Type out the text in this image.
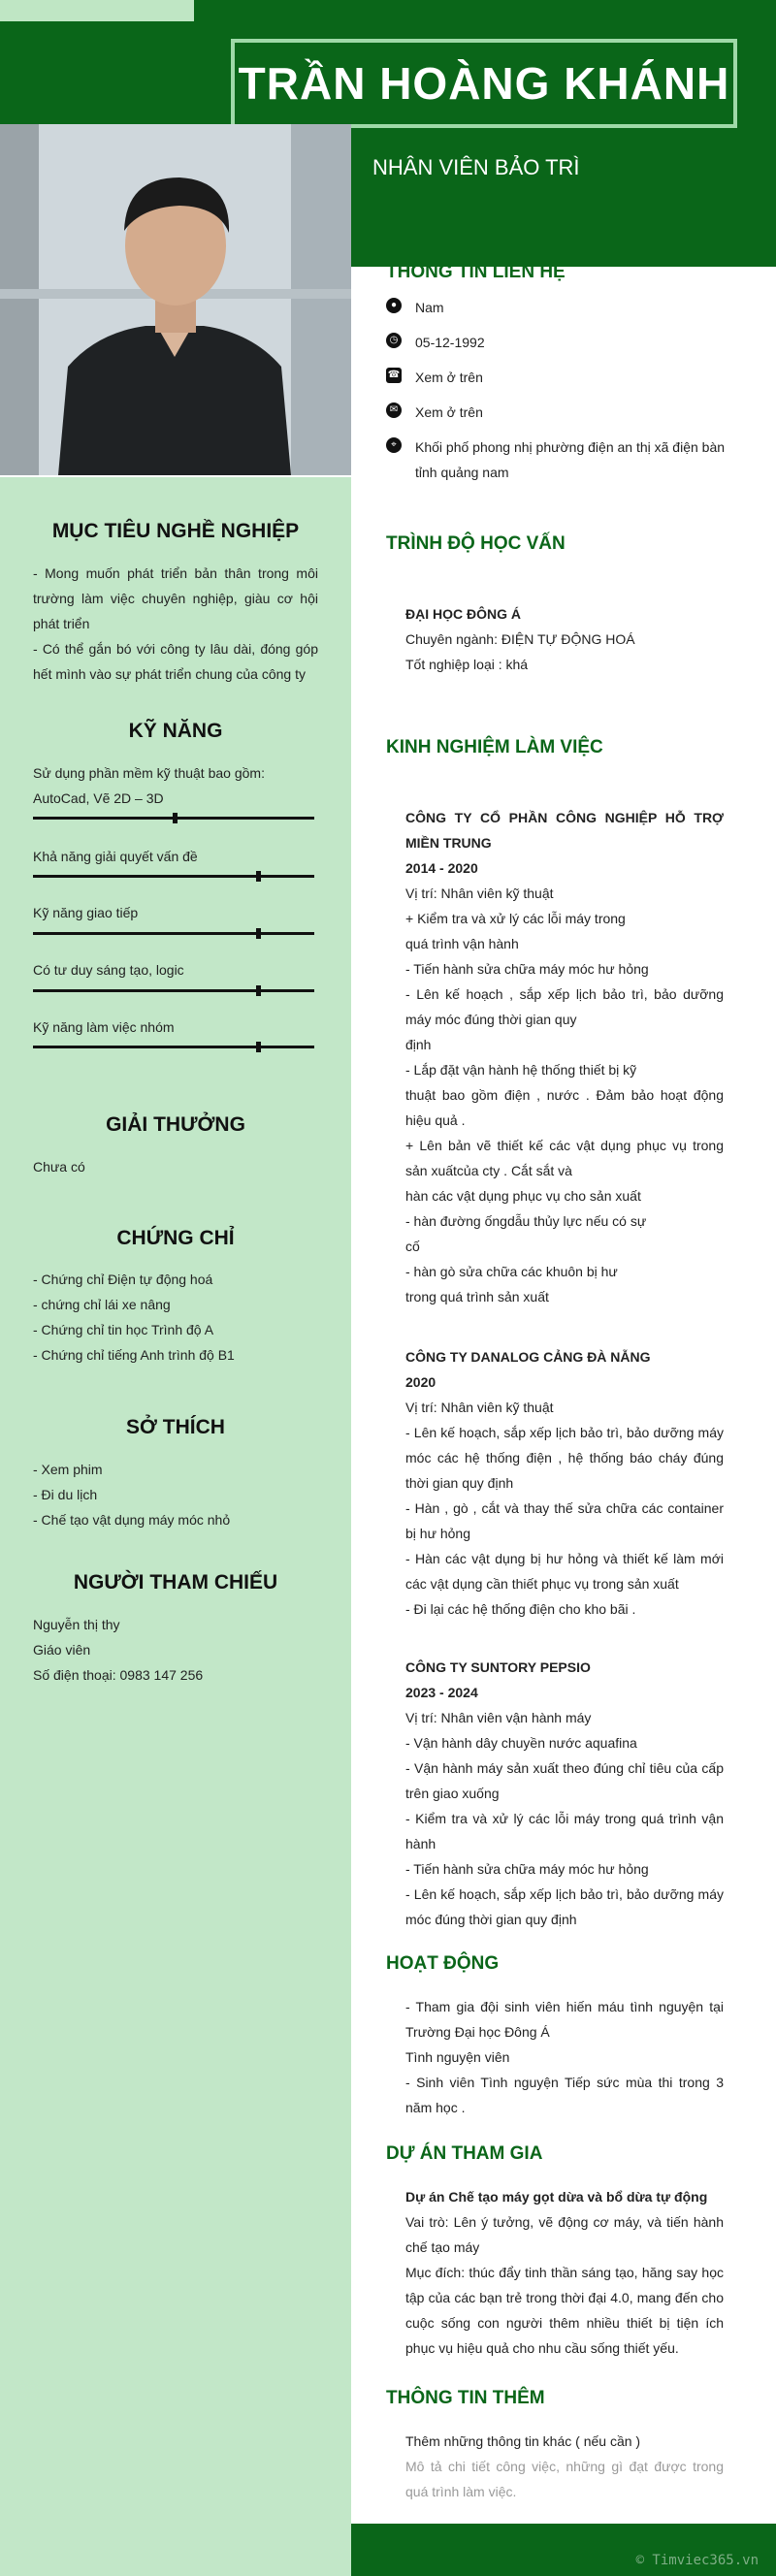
TRẦN HOÀNG KHÁNH
NHÂN VIÊN BẢO TRÌ
THÔNG TIN LIÊN HỆ
●	Nam
◷ 05-12-1992
☎ Xem ở trên
✉ Xem ở trên
⌖	Khối phố phong nhị phường điện an thị xã điện bàn tỉnh quảng nam
MỤC TIÊU NGHỀ NGHIỆP
- Mong muốn phát triển bản thân trong môi trường làm việc chuyên nghiệp, giàu cơ hội phát triển
- Có thể gắn bó với công ty lâu dài, đóng góp hết mình vào sự phát triển chung của công ty
KỸ NĂNG
Sử dụng phần mềm kỹ thuật bao gồm: AutoCad, Vẽ 2D – 3D
Khả năng giải quyết vấn đề
Kỹ năng giao tiếp
Có tư duy sáng tạo, logic
Kỹ năng làm việc nhóm
GIẢI THƯỞNG
Chưa có
CHỨNG CHỈ
- Chứng chỉ Điện tự động hoá
- chứng chỉ lái xe nâng
- Chứng chỉ tin học Trình độ A
- Chứng chỉ tiếng Anh trình độ B1
SỞ THÍCH
- Xem phim
- Đi du lịch
- Chế tạo vật dụng máy móc nhỏ
NGƯỜI THAM CHIẾU
Nguyễn thị thy
Giáo viên
Số điện thoại: 0983 147 256
TRÌNH ĐỘ HỌC VẤN
ĐẠI HỌC ĐÔNG Á
Chuyên ngành: ĐIỆN TỰ ĐỘNG HOÁ
Tốt nghiệp loại : khá
KINH NGHIỆM LÀM VIỆC
CÔNG TY CỔ PHẦN CÔNG NGHIỆP HỖ TRỢ MIỀN TRUNG
2014 - 2020
Vị trí: Nhân viên kỹ thuật
+ Kiểm tra và xử lý các lỗi máy trong
quá trình vận hành
- Tiến hành sửa chữa máy móc hư hỏng
- Lên kế hoạch , sắp xếp lịch bảo trì, bảo dưỡng máy móc đúng thời gian quy
định
- Lắp đặt vận hành hệ thống thiết bị kỹ
thuật bao gồm điện , nước . Đảm bảo hoạt động hiệu quả .
+ Lên bản vẽ thiết kế các vật dụng phục vụ trong sản xuấtcủa cty . Cắt sắt và
hàn các vật dụng phục vụ cho sản xuất
- hàn đường ốngdẫu thủy lực nếu có sự
cố
- hàn gò sửa chữa các khuôn bị hư
trong quá trình sản xuất
CÔNG TY DANALOG CẢNG ĐÀ NẴNG
2020
Vị trí: Nhân viên kỹ thuật
- Lên kế hoạch, sắp xếp lịch bảo trì, bảo dưỡng máy móc các hệ thống điện , hệ thống báo cháy đúng thời gian quy định
- Hàn , gò , cắt và thay thế sửa chữa các container bị hư hỏng
- Hàn các vật dụng bị hư hỏng và thiết kế làm mới các vật dụng cần thiết phục vụ trong sản xuất
- Đi lại các hệ thống điện cho kho bãi .
CÔNG TY SUNTORY PEPSIO
2023 - 2024
Vị trí: Nhân viên vận hành máy
- Vận hành dây chuyền nước aquafina
- Vận hành máy sản xuất theo đúng chỉ tiêu của cấp trên giao xuống
- Kiểm tra và xử lý các lỗi máy trong quá trình vận hành
- Tiến hành sửa chữa máy móc hư hỏng
- Lên kế hoạch, sắp xếp lịch bảo trì, bảo dưỡng máy móc đúng thời gian quy định
HOẠT ĐỘNG
- Tham gia đội sinh viên hiến máu tình nguyện tại Trường Đại học Đông Á
Tình nguyện viên
- Sinh viên Tình nguyện Tiếp sức mùa thi trong 3 năm học .
DỰ ÁN THAM GIA
Dự án Chế tạo máy gọt dừa và bổ dừa tự động
Vai trò: Lên ý tưởng, vẽ động cơ máy, và tiến hành chế tạo máy
Mục đích: thúc đẩy tinh thần sáng tạo, hăng say học tập của các bạn trẻ trong thời đại 4.0, mang đến cho cuộc sống con người thêm nhiều thiết bị tiện ích phục vụ hiệu quả cho nhu cầu sống thiết yếu.
THÔNG TIN THÊM
Thêm những thông tin khác ( nếu cần )
Mô tả chi tiết công việc, những gì đạt được trong quá trình làm việc.
© Timviec365.vn
